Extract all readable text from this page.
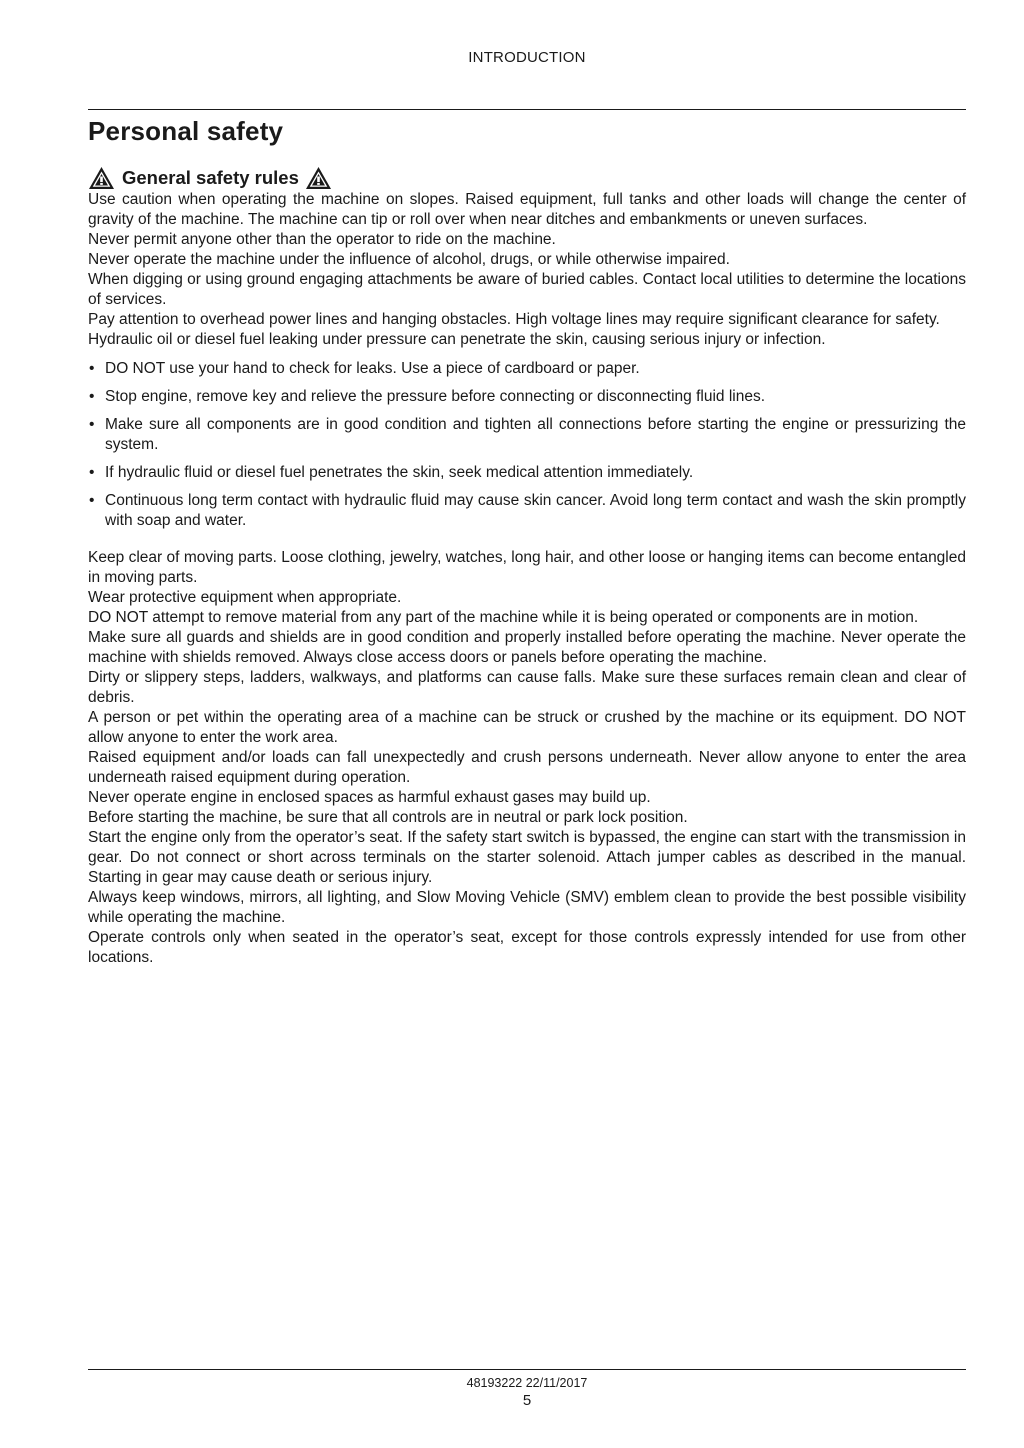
INTRODUCTION
Personal safety
General safety rules

Use caution when operating the machine on slopes. Raised equipment, full tanks and other loads will change the center of gravity of the machine. The machine can tip or roll over when near ditches and embankments or uneven surfaces.

Never permit anyone other than the operator to ride on the machine.

Never operate the machine under the influence of alcohol, drugs, or while otherwise impaired.

When digging or using ground engaging attachments be aware of buried cables. Contact local utilities to determine the locations of services.

Pay attention to overhead power lines and hanging obstacles. High voltage lines may require significant clearance for safety.

Hydraulic oil or diesel fuel leaking under pressure can penetrate the skin, causing serious injury or infection.

• DO NOT use your hand to check for leaks. Use a piece of cardboard or paper.
• Stop engine, remove key and relieve the pressure before connecting or disconnecting fluid lines.
• Make sure all components are in good condition and tighten all connections before starting the engine or pressurizing the system.
• If hydraulic fluid or diesel fuel penetrates the skin, seek medical attention immediately.
• Continuous long term contact with hydraulic fluid may cause skin cancer. Avoid long term contact and wash the skin promptly with soap and water.

Keep clear of moving parts. Loose clothing, jewelry, watches, long hair, and other loose or hanging items can become entangled in moving parts.

Wear protective equipment when appropriate.

DO NOT attempt to remove material from any part of the machine while it is being operated or components are in motion.

Make sure all guards and shields are in good condition and properly installed before operating the machine. Never operate the machine with shields removed. Always close access doors or panels before operating the machine.

Dirty or slippery steps, ladders, walkways, and platforms can cause falls. Make sure these surfaces remain clean and clear of debris.

A person or pet within the operating area of a machine can be struck or crushed by the machine or its equipment. DO NOT allow anyone to enter the work area.

Raised equipment and/or loads can fall unexpectedly and crush persons underneath. Never allow anyone to enter the area underneath raised equipment during operation.

Never operate engine in enclosed spaces as harmful exhaust gases may build up.

Before starting the machine, be sure that all controls are in neutral or park lock position.

Start the engine only from the operator’s seat. If the safety start switch is bypassed, the engine can start with the transmission in gear. Do not connect or short across terminals on the starter solenoid. Attach jumper cables as described in the manual. Starting in gear may cause death or serious injury.

Always keep windows, mirrors, all lighting, and Slow Moving Vehicle (SMV) emblem clean to provide the best possible visibility while operating the machine.

Operate controls only when seated in the operator’s seat, except for those controls expressly intended for use from other locations.

48193222 22/11/2017
5
